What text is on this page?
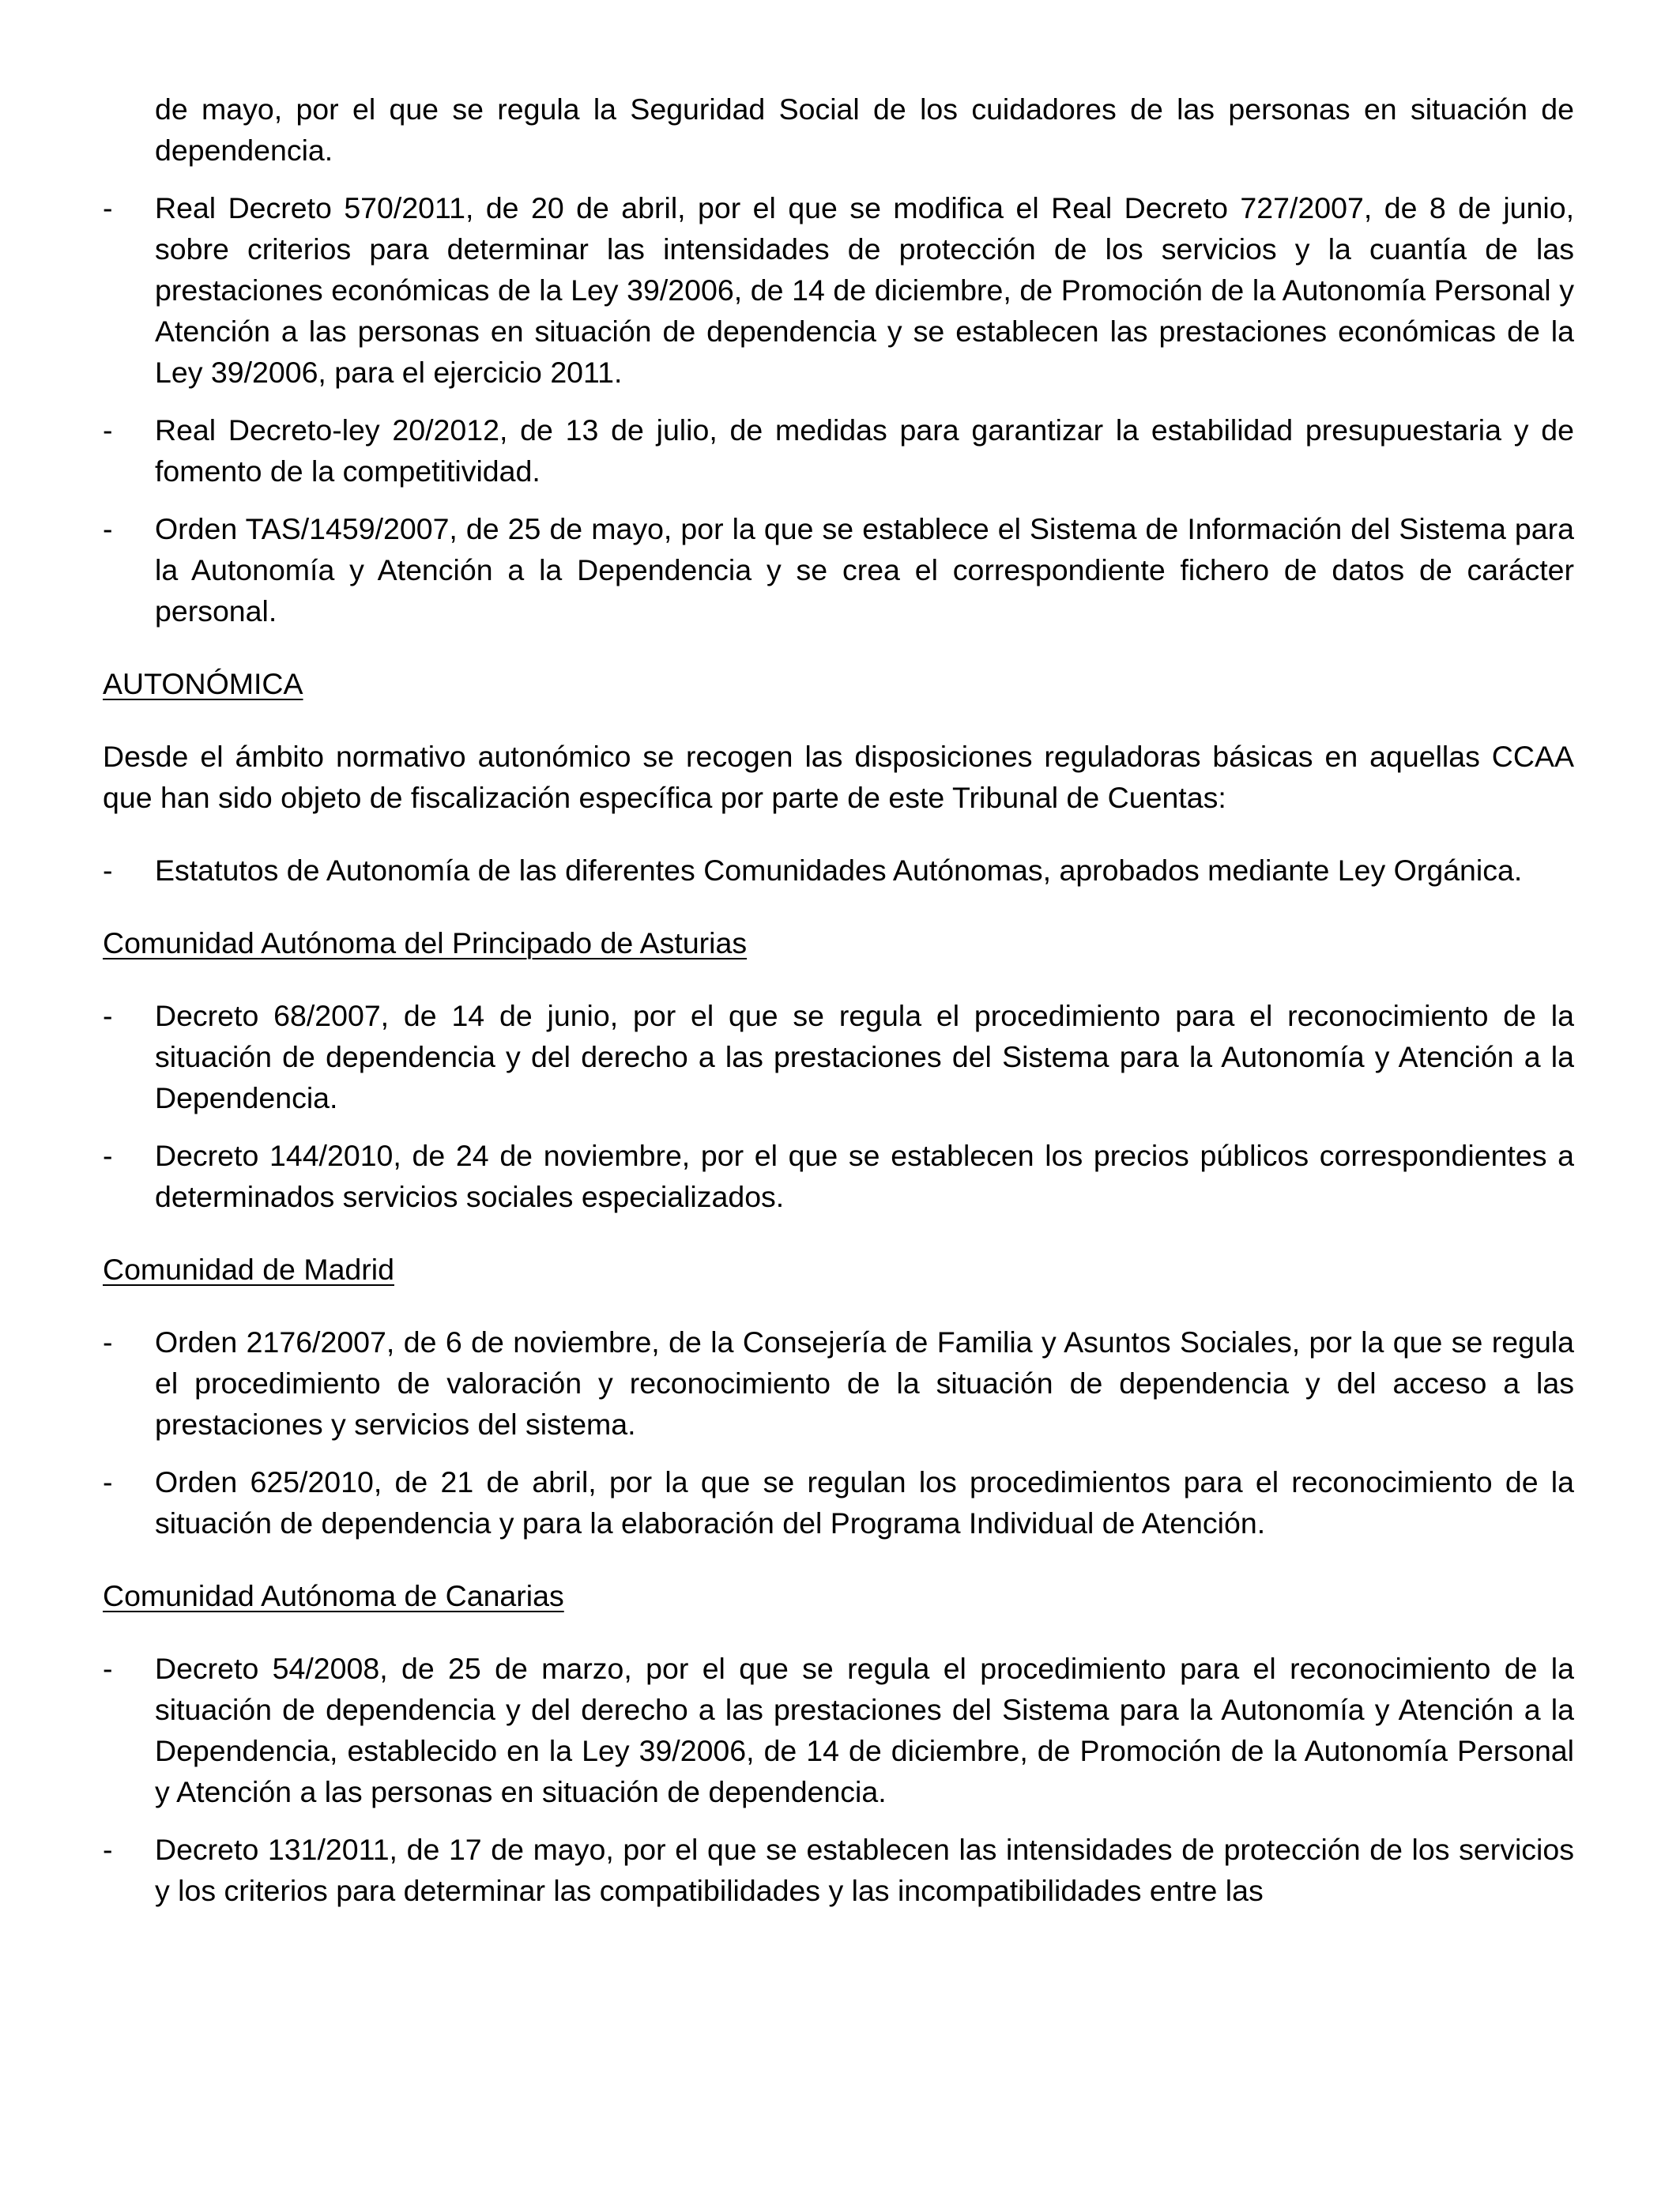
de mayo, por el que se regula la Seguridad Social de los cuidadores de las personas en situación de dependencia.
-	Real Decreto 570/2011, de 20 de abril, por el que se modifica el Real Decreto 727/2007, de 8 de junio, sobre criterios para determinar las intensidades de protección de los servicios y la cuantía de las prestaciones económicas de la Ley 39/2006, de 14 de diciembre, de Promoción de la Autonomía Personal y Atención a las personas en situación de dependencia y se establecen las prestaciones económicas de la Ley 39/2006, para el ejercicio 2011.
-	Real Decreto-ley 20/2012, de 13 de julio, de medidas para garantizar la estabilidad presupuestaria y de fomento de la competitividad.
-	Orden TAS/1459/2007, de 25 de mayo, por la que se establece el Sistema de Información del Sistema para la Autonomía y Atención a la Dependencia y se crea el correspondiente fichero de datos de carácter personal.
AUTONÓMICA
Desde el ámbito normativo autonómico se recogen las disposiciones reguladoras básicas en aquellas CCAA que han sido objeto de fiscalización específica por parte de este Tribunal de Cuentas:
-	Estatutos de Autonomía de las diferentes Comunidades Autónomas, aprobados mediante Ley Orgánica.
Comunidad Autónoma del Principado de Asturias
-	Decreto 68/2007, de 14 de junio, por el que se regula el procedimiento para el reconocimiento de la situación de dependencia y del derecho a las prestaciones del Sistema para la Autonomía y Atención a la Dependencia.
-	Decreto 144/2010, de 24 de noviembre, por el que se establecen los precios públicos correspondientes a determinados servicios sociales especializados.
Comunidad de Madrid
-	Orden 2176/2007, de 6 de noviembre, de la Consejería de Familia y Asuntos Sociales, por la que se regula el procedimiento de valoración y reconocimiento de la situación de dependencia y del acceso a las prestaciones y servicios del sistema.
-	Orden 625/2010, de 21 de abril, por la que se regulan los procedimientos para el reconocimiento de la situación de dependencia y para la elaboración del Programa Individual de Atención.
Comunidad Autónoma de Canarias
-	Decreto 54/2008, de 25 de marzo, por el que se regula el procedimiento para el reconocimiento de la situación de dependencia y del derecho a las prestaciones del Sistema para la Autonomía y Atención a la Dependencia, establecido en la Ley 39/2006, de 14 de diciembre, de Promoción de la Autonomía Personal y Atención a las personas en situación de dependencia.
-	Decreto 131/2011, de 17 de mayo, por el que se establecen las intensidades de protección de los servicios y los criterios para determinar las compatibilidades y las incompatibilidades entre las
